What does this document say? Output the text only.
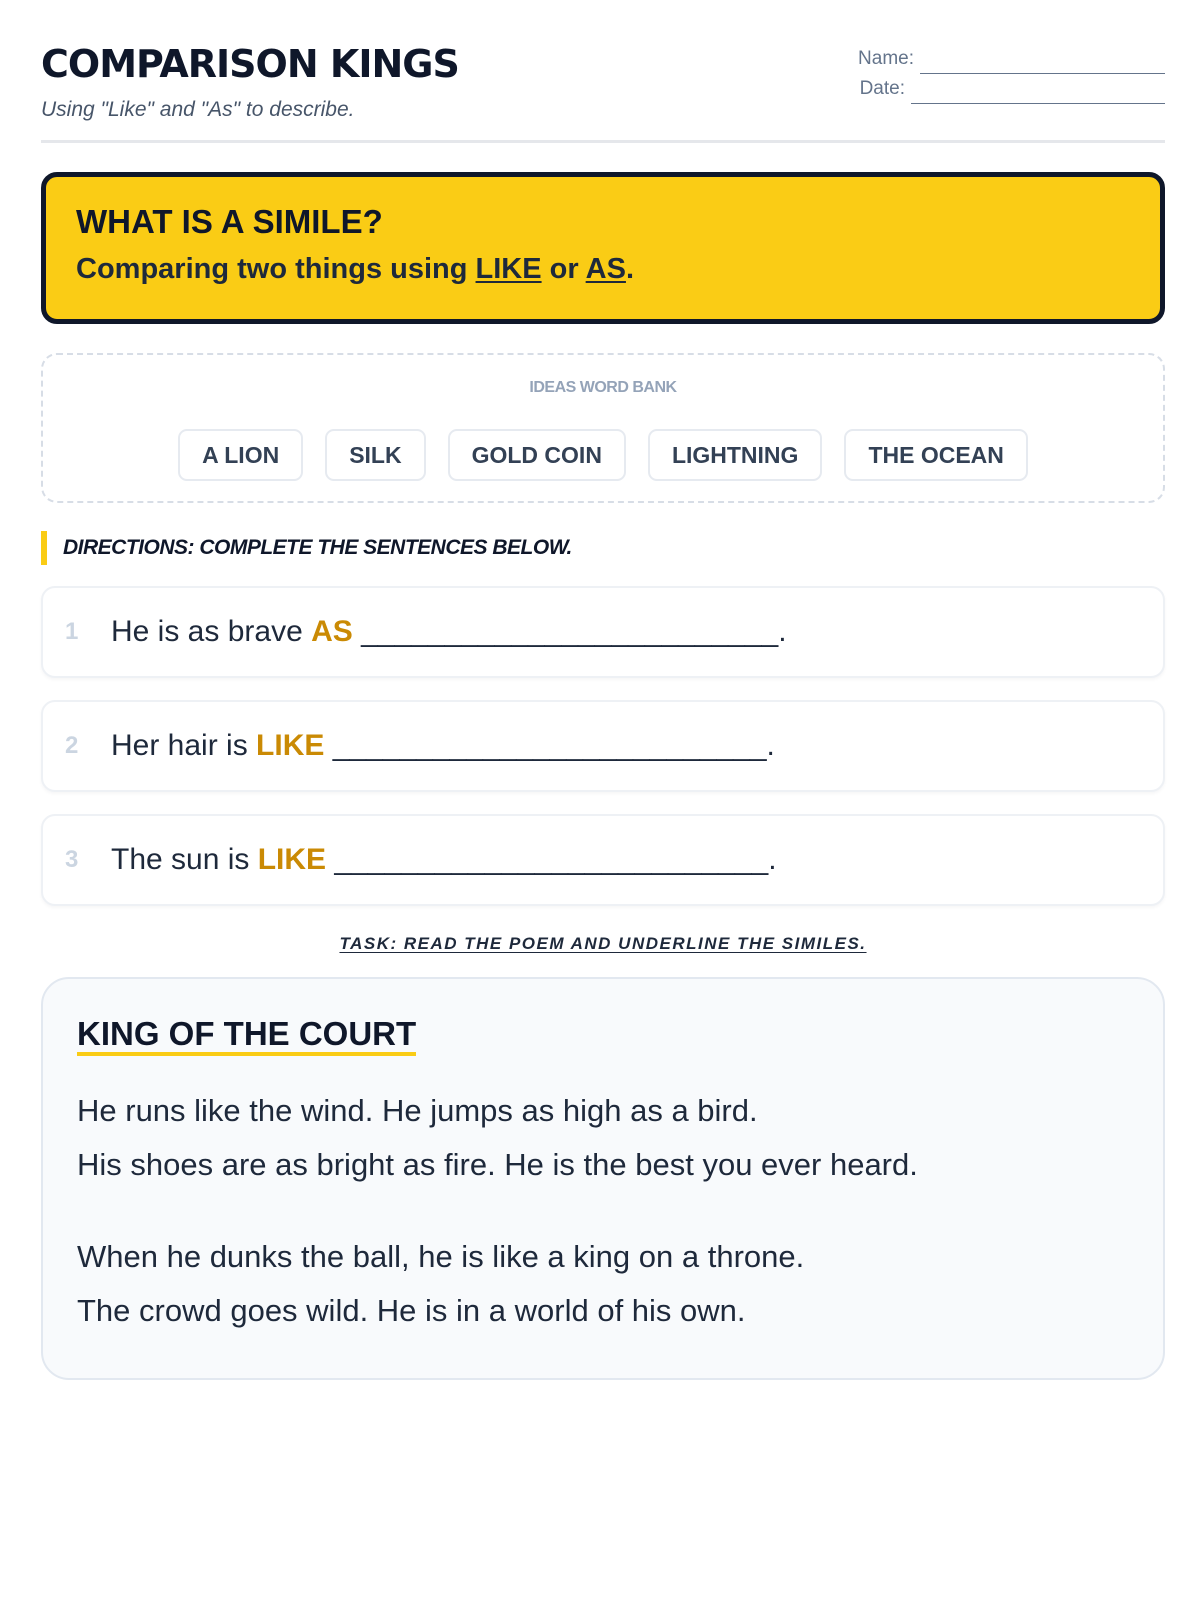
COMPARISON KINGS
Using "Like" and "As" to describe.
Name:
Date:
WHAT IS A SIMILE?
Comparing two things using LIKE or AS.
IDEAS WORD BANK
A LION	SILK	GOLD COIN	LIGHTNING	THE OCEAN
DIRECTIONS: COMPLETE THE SENTENCES BELOW.
1	He is as brave AS _________________________.
2	Her hair is LIKE __________________________.
3	The sun is LIKE __________________________.
TASK: READ THE POEM AND UNDERLINE THE SIMILES.
KING OF THE COURT
He runs like the wind. He jumps as high as a bird.
His shoes are as bright as fire. He is the best you ever heard.
When he dunks the ball, he is like a king on a throne.
The crowd goes wild. He is in a world of his own.
